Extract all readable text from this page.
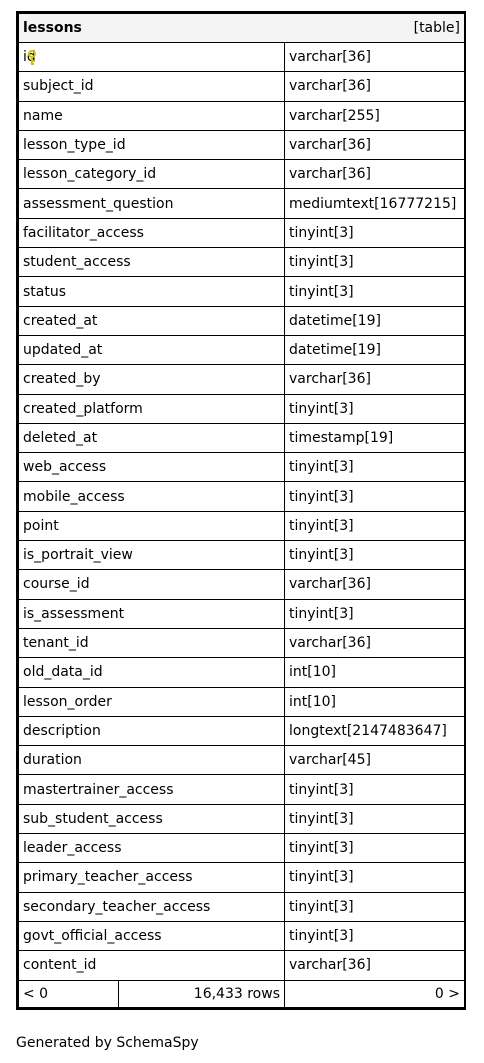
lessons [table]		

id		varchar[36]
subject_id		varchar[36]
name		varchar[255]
lesson_type_id		varchar[36]
lesson_category_id		varchar[36]
assessment_question		mediumtext[16777215]
facilitator_access		tinyint[3]
student_access		tinyint[3]
status		tinyint[3]
created_at		datetime[19]
updated_at		datetime[19]
created_by		varchar[36]
created_platform		tinyint[3]
deleted_at		timestamp[19]
web_access		tinyint[3]
mobile_access		tinyint[3]
point		tinyint[3]
is_portrait_view		tinyint[3]
course_id		varchar[36]
is_assessment		tinyint[3]
tenant_id		varchar[36]
old_data_id		int[10]
lesson_order		int[10]
description		longtext[2147483647]
duration		varchar[45]
mastertrainer_access		tinyint[3]
sub_student_access		tinyint[3]
leader_access		tinyint[3]
primary_teacher_access		tinyint[3]
secondary_teacher_access		tinyint[3]
govt_official_access		tinyint[3]
content_id		varchar[36]
< 0	16,433 rows	0 >
Generated by SchemaSpy
